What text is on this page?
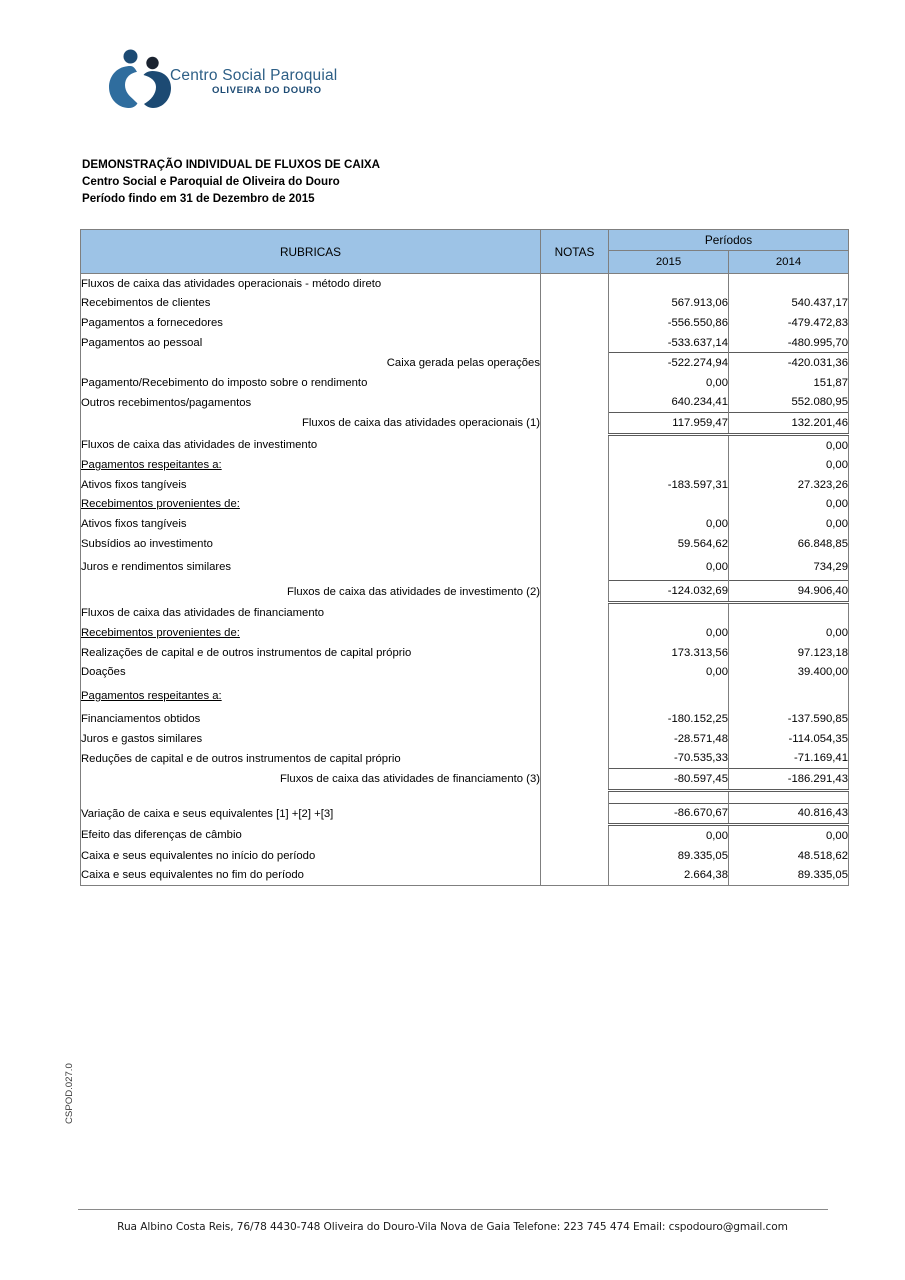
Centro Social Paroquial
OLIVEIRA DO DOURO
DEMONSTRAÇÃO INDIVIDUAL DE FLUXOS DE CAIXA
Centro Social e Paroquial de Oliveira do Douro
Período findo em 31 de Dezembro de 2015
RUBRICAS	NOTAS	Períodos	
		2015	2014
Fluxos de caixa das atividades operacionais - método direto			
Recebimentos de clientes		567.913,06	540.437,17
Pagamentos a fornecedores		-556.550,86	-479.472,83
Pagamentos ao pessoal		-533.637,14	-480.995,70
Caixa gerada pelas operações		-522.274,94	-420.031,36
Pagamento/Recebimento do imposto sobre o rendimento		0,00	151,87
Outros recebimentos/pagamentos		640.234,41	552.080,95
Fluxos de caixa das atividades operacionais (1)		117.959,47	132.201,46
Fluxos de caixa das atividades de investimento			0,00
Pagamentos respeitantes a:			0,00
Ativos fixos tangíveis		-183.597,31	27.323,26
Recebimentos provenientes de:			0,00
Ativos fixos tangíveis		0,00	0,00
Subsídios ao investimento		59.564,62	66.848,85
Juros e rendimentos similares		0,00	734,29
Fluxos de caixa das atividades de investimento (2)		-124.032,69	94.906,40
Fluxos de caixa das atividades de financiamento			
Recebimentos provenientes de:		0,00	0,00
Realizações de capital e de outros instrumentos de capital próprio		173.313,56	97.123,18
Doações		0,00	39.400,00
Pagamentos respeitantes a:			
Financiamentos obtidos		-180.152,25	-137.590,85
Juros e gastos similares		-28.571,48	-114.054,35
Reduções de capital e de outros instrumentos de capital próprio		-70.535,33	-71.169,41
Fluxos de caixa das atividades de financiamento (3)		-80.597,45	-186.291,43

Variação de caixa e seus equivalentes [1] +[2] +[3]		-86.670,67	40.816,43
Efeito das diferenças de câmbio		0,00	0,00
Caixa e seus equivalentes no início do período		89.335,05	48.518,62
Caixa e seus equivalentes no fim do período		2.664,38	89.335,05
CSPOD.027.0
Rua Albino Costa Reis, 76/78 4430-748 Oliveira do Douro-Vila Nova de Gaia Telefone: 223 745 474 Email: cspodouro@gmail.com
